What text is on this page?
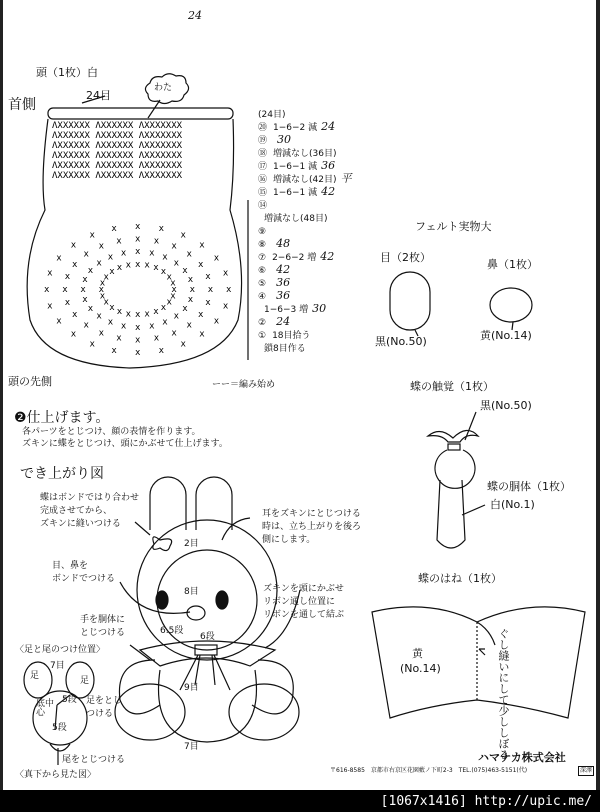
ΛXXXXXX ΛXXXXXX ΛXXXXXXX
ΛXXXXXX ΛXXXXXX ΛXXXXXXX
ΛXXXXXX ΛXXXXXX ΛXXXXXXX
ΛXXXXXX ΛXXXXXX ΛXXXXXXX
ΛXXXXXX ΛXXXXXX ΛXXXXXXX
ΛXXXXXX ΛXXXXXX ΛXXXXXXX
x x x x
x x x x
x
x
x
x
x
x
x
x
x
x
x
x
x
x
x
x
x
x
x
x
x
x
x
x
x
x
x
x
x
x
x
x
x
x
x
x
x
x
x
x
x
x
x
x
x
x
x
x	x
x
x
x
x
x
x
x
x
x
x
x
x
x
x
x
x
x
x
x
x
x
x
x
x
x
x
x
x
x
x
x
x
x
x
x
x x x x
24
頭（1枚）白
わた
24目
首側
頭の先側	ーー＝編み始め
(24目)
⑳ 1−6−2 減 24
⑲ 30
⑱ 増減なし(36目)
⑰ 1−6−1 減 36
⑯ 増減なし(42目) 平
⑮ 1−6−1 減 42
⑭
増減なし(48目)
⑨
⑧ 48
⑦ 2−6−2 増 42
⑥ 42
⑤ 36
④ 36
1−6−3 増 30
② 24
① 18目拾う
鎖8目作る
❷仕上げます。
各パーツをとじつけ、顔の表情を作ります。
ズキンに蝶をとじつけ、頭にかぶせて仕上げます。
でき上がり図
蝶はボンドではり合わせ
完成させてから、
ズキンに縫いつける
耳をズキンにとじつける
時は、立ち上がりを後ろ
側にします。
目、鼻を
ボンドでつける
ズキンを頭にかぶせ
リボン通し位置に
リボンを通して結ぶ
手を胴体に
とじつける
足をとじ
つける
2目
8目
6.5段
6段
9目
7目
〈足と尾のつけ位置〉
足	足
7目
底中心
5段
5段
尾をとじつける
〈真下から見た図〉
フェルト実物大
目（2枚）
黒(No.50)
鼻（1枚）
黄(No.14)
蝶の触覚（1枚）
黒(No.50)
蝶の胴体（1枚）
白(No.1)
蝶のはね（1枚）
黄
(No.14)	ぐし縫いにして少ししぼる
ハマナカ株式会社
〒616-8585　京都市右京区花園藪ノ下町2-3　TEL.(075)463-5151(代)	深澤
[1067x1416] http://upic.me/
